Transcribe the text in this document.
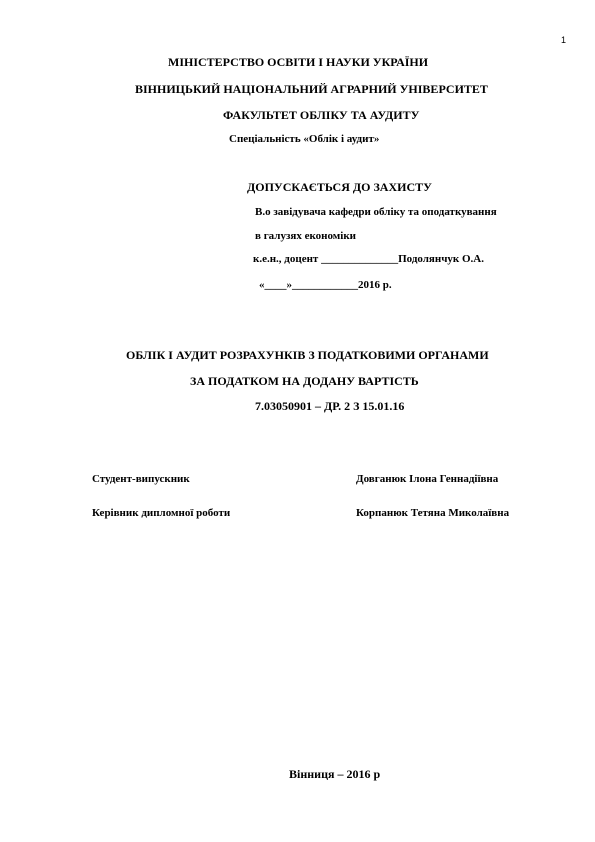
1
МІНІСТЕРСТВО ОСВІТИ І НАУКИ УКРАЇНИ
ВІННИЦЬКИЙ НАЦІОНАЛЬНИЙ АГРАРНИЙ УНІВЕРСИТЕТ
ФАКУЛЬТЕТ ОБЛІКУ ТА АУДИТУ
Спеціальність «Облік і аудит»
ДОПУСКАЄТЬСЯ ДО ЗАХИСТУ
В.о завідувача кафедри обліку та оподаткування
в галузях економіки
к.е.н., доцент ______________Подолянчук О.А.
«____»____________2016 р.
ОБЛІК І АУДИТ РОЗРАХУНКІВ З ПОДАТКОВИМИ ОРГАНАМИ
ЗА ПОДАТКОМ НА ДОДАНУ ВАРТІСТЬ
7.03050901 – ДР. 2 З 15.01.16
Студент-випускник	Довганюк Ілона Геннадіївна
Керівник дипломної роботи	Корпанюк Тетяна Миколаївна
Вінниця – 2016 р
